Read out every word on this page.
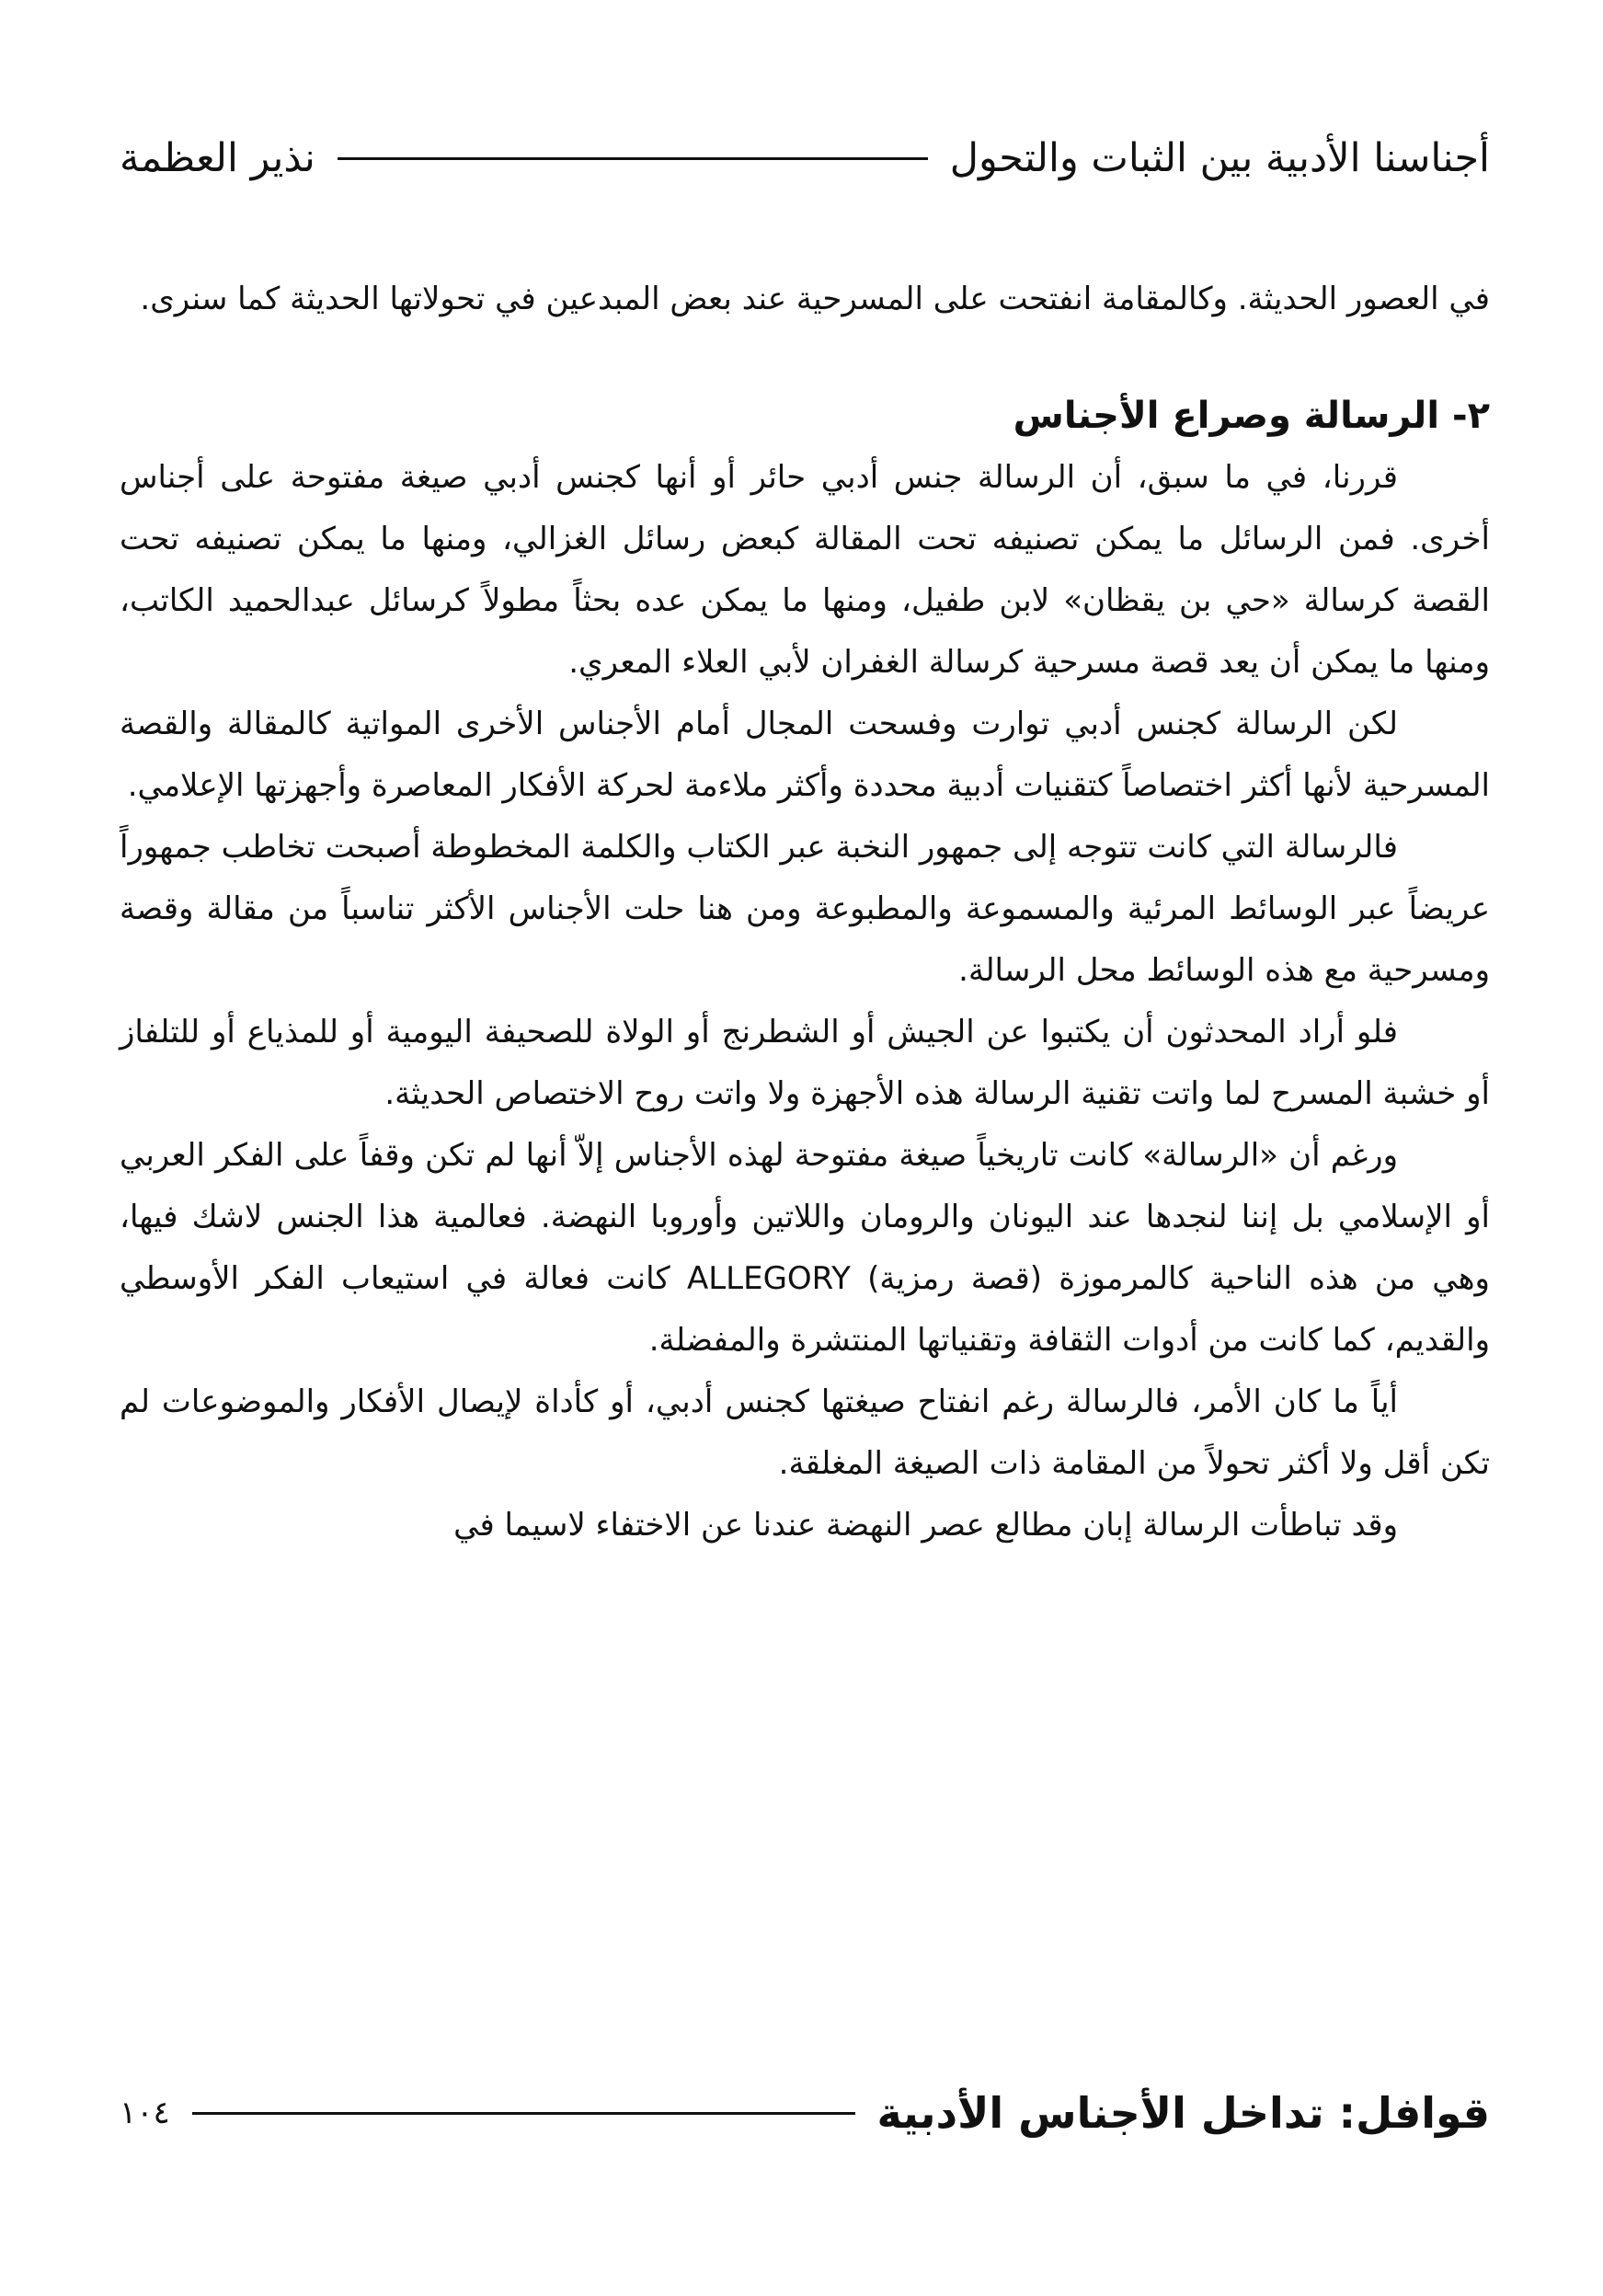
أجناسنا الأدبية بين الثبات والتحول
نذير العظمة

في العصور الحديثة. وكالمقامة انفتحت على المسرحية عند بعض المبدعين في تحولاتها الحديثة كما سنرى.

٢- الرسالة وصراع الأجناس

قررنا، في ما سبق، أن الرسالة جنس أدبي حائر أو أنها كجنس أدبي صيغة مفتوحة على أجناس أخرى. فمن الرسائل ما يمكن تصنيفه تحت المقالة كبعض رسائل الغزالي، ومنها ما يمكن تصنيفه تحت القصة كرسالة «حي بن يقظان» لابن طفيل، ومنها ما يمكن عده بحثاً مطولاً كرسائل عبدالحميد الكاتب، ومنها ما يمكن أن يعد قصة مسرحية كرسالة الغفران لأبي العلاء المعري.

لكن الرسالة كجنس أدبي توارت وفسحت المجال أمام الأجناس الأخرى المواتية كالمقالة والقصة المسرحية لأنها أكثر اختصاصاً كتقنيات أدبية محددة وأكثر ملاءمة لحركة الأفكار المعاصرة وأجهزتها الإعلامي.

فالرسالة التي كانت تتوجه إلى جمهور النخبة عبر الكتاب والكلمة المخطوطة أصبحت تخاطب جمهوراً عريضاً عبر الوسائط المرئية والمسموعة والمطبوعة ومن هنا حلت الأجناس الأكثر تناسباً من مقالة وقصة ومسرحية مع هذه الوسائط محل الرسالة.

فلو أراد المحدثون أن يكتبوا عن الجيش أو الشطرنج أو الولاة للصحيفة اليومية أو للمذياع أو للتلفاز أو خشبة المسرح لما واتت تقنية الرسالة هذه الأجهزة ولا واتت روح الاختصاص الحديثة.

ورغم أن «الرسالة» كانت تاريخياً صيغة مفتوحة لهذه الأجناس إلاّ أنها لم تكن وقفاً على الفكر العربي أو الإسلامي بل إننا لنجدها عند اليونان والرومان واللاتين وأوروبا النهضة. فعالمية هذا الجنس لاشك فيها، وهي من هذه الناحية كالمرموزة (قصة رمزية) ALLEGORY كانت فعالة في استيعاب الفكر الأوسطي والقديم، كما كانت من أدوات الثقافة وتقنياتها المنتشرة والمفضلة.

أياً ما كان الأمر، فالرسالة رغم انفتاح صيغتها كجنس أدبي، أو كأداة لإيصال الأفكار والموضوعات لم تكن أقل ولا أكثر تحولاً من المقامة ذات الصيغة المغلقة.

وقد تباطأت الرسالة إبان مطالع عصر النهضة عندنا عن الاختفاء لاسيما في

قوافل: تداخل الأجناس الأدبية
١٠٤
